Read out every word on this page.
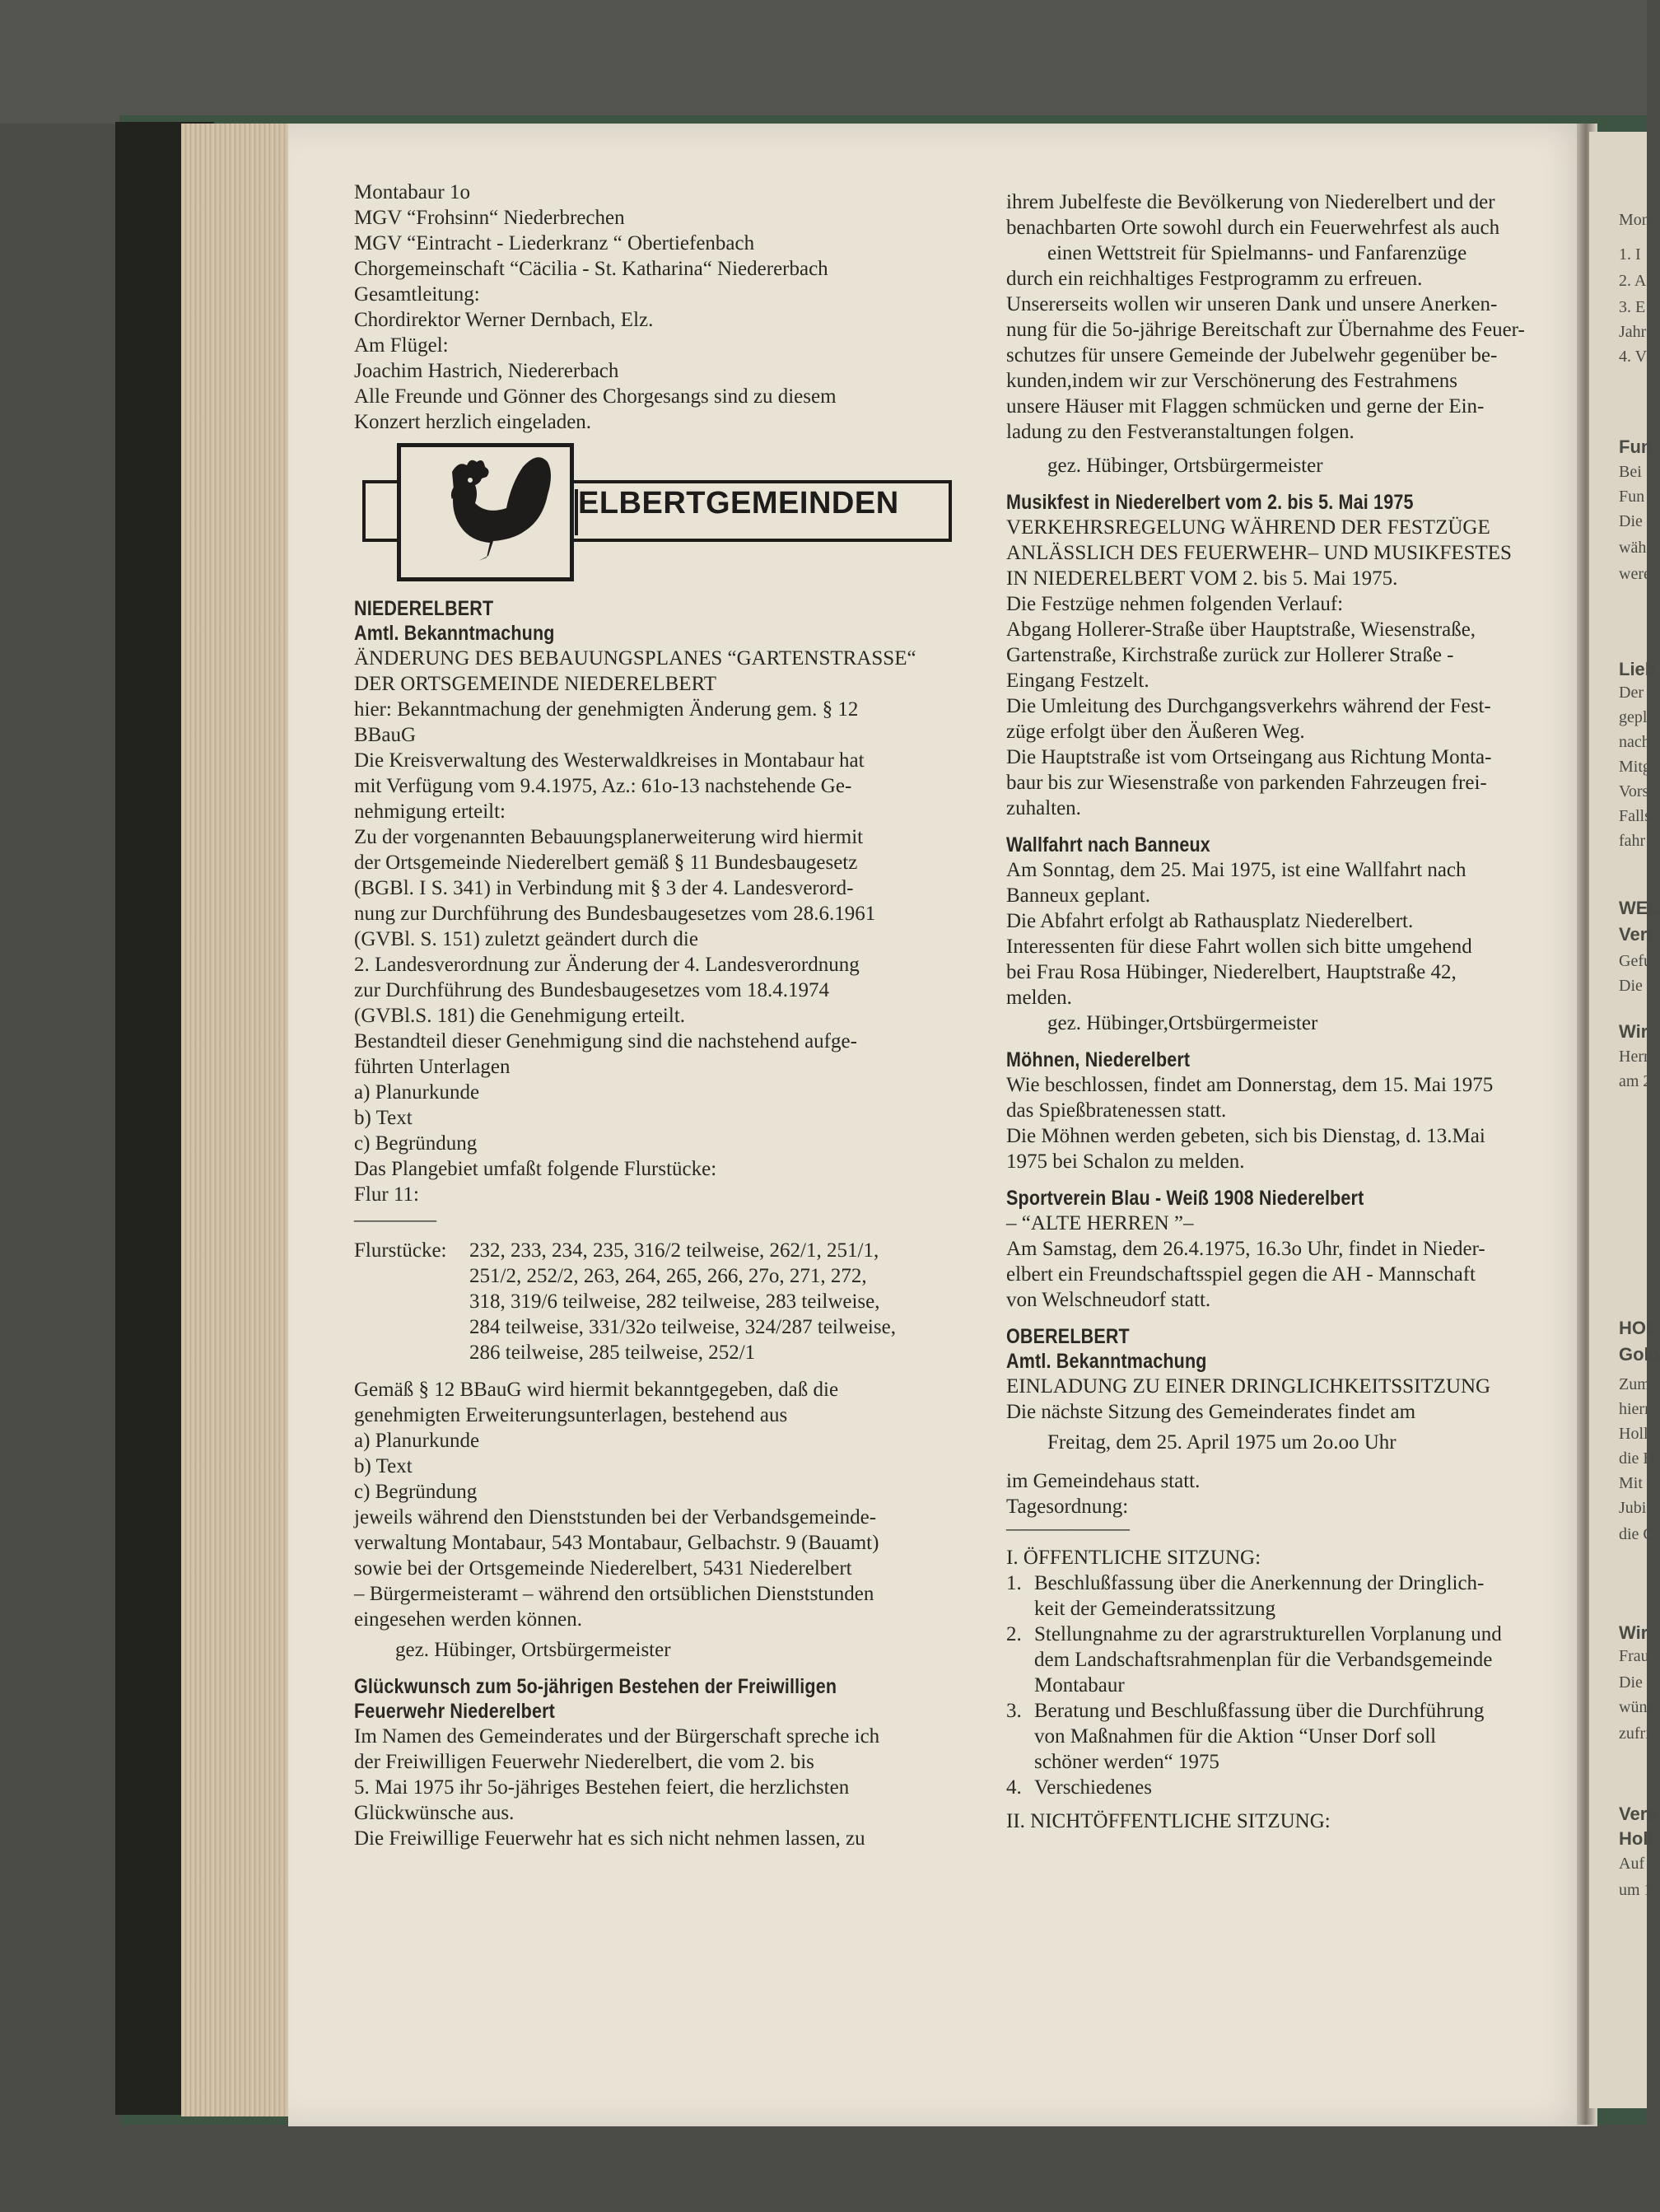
Mon
1. I
2. A
3. E
Jahr
4. V
Fun
Bei
Fun
Die
wäh
were
Lieb
Der
gepl
nach
Mitg
Vors
Falls
fahr
WEL
Verl
Gefu
Die
Wir
Herr
am 2
HOL
Gold
Zum
hiern
Holl
die H
Mit
Jubi
die C
Wir
Frau
Die
wüns
zufri
Vere
Holl
Auf
um 1
Montabaur 1o
MGV “Frohsinn“ Niederbrechen
MGV “Eintracht - Liederkranz “ Obertiefenbach
Chorgemeinschaft “Cäcilia - St. Katharina“ Niedererbach
Gesamtleitung:
Chordirektor Werner Dernbach, Elz.
Am Flügel:
Joachim Hastrich, Niedererbach
Alle Freunde und Gönner des Chorgesangs sind zu diesem
Konzert herzlich eingeladen.
ELBERTGEMEINDEN
NIEDERELBERT
Amtl. Bekanntmachung
ÄNDERUNG DES BEBAUUNGSPLANES “GARTENSTRASSE“
DER ORTSGEMEINDE NIEDERELBERT
hier: Bekanntmachung der genehmigten Änderung gem. § 12
BBauG
Die Kreisverwaltung des Westerwaldkreises in Montabaur hat
mit Verfügung vom 9.4.1975, Az.: 61o-13 nachstehende Ge-
nehmigung erteilt:
Zu der vorgenannten Bebauungsplanerweiterung wird hiermit
der Ortsgemeinde Niederelbert gemäß § 11 Bundesbaugesetz
(BGBl. I S. 341) in Verbindung mit § 3 der 4. Landesverord-
nung zur Durchführung des Bundesbaugesetzes vom 28.6.1961
(GVBl. S. 151) zuletzt geändert durch die
2. Landesverordnung zur Änderung der 4. Landesverordnung
zur Durchführung des Bundesbaugesetzes vom 18.4.1974
(GVBl.S. 181) die Genehmigung erteilt.
Bestandteil dieser Genehmigung sind die nachstehend aufge-
führten Unterlagen
a) Planurkunde
b) Text
c) Begründung
Das Plangebiet umfaßt folgende Flurstücke:
Flur 11:
————
Flurstücke:	232, 233, 234, 235, 316/2 teilweise, 262/1, 251/1,
251/2, 252/2, 263, 264, 265, 266, 27o, 271, 272,
318, 319/6 teilweise, 282 teilweise, 283 teilweise,
284 teilweise, 331/32o teilweise, 324/287 teilweise,
286 teilweise, 285 teilweise, 252/1
Gemäß § 12 BBauG wird hiermit bekanntgegeben, daß die
genehmigten Erweiterungsunterlagen, bestehend aus
a) Planurkunde
b) Text
c) Begründung
jeweils während den Dienststunden bei der Verbandsgemeinde-
verwaltung Montabaur, 543 Montabaur, Gelbachstr. 9 (Bauamt)
sowie bei der Ortsgemeinde Niederelbert, 5431 Niederelbert
– Bürgermeisteramt – während den ortsüblichen Dienststunden
eingesehen werden können.
gez. Hübinger, Ortsbürgermeister
Glückwunsch zum 5o-jährigen Bestehen der Freiwilligen
Feuerwehr Niederelbert
Im Namen des Gemeinderates und der Bürgerschaft spreche ich
der Freiwilligen Feuerwehr Niederelbert, die vom 2. bis
5. Mai 1975 ihr 5o-jähriges Bestehen feiert, die herzlichsten
Glückwünsche aus.
Die Freiwillige Feuerwehr hat es sich nicht nehmen lassen, zu
ihrem Jubelfeste die Bevölkerung von Niederelbert und der
benachbarten Orte sowohl durch ein Feuerwehrfest als auch
einen Wettstreit für Spielmanns- und Fanfarenzüge
durch ein reichhaltiges Festprogramm zu erfreuen.
Unsererseits wollen wir unseren Dank und unsere Anerken-
nung für die 5o-jährige Bereitschaft zur Übernahme des Feuer-
schutzes für unsere Gemeinde der Jubelwehr gegenüber be-
kunden,indem wir zur Verschönerung des Festrahmens
unsere Häuser mit Flaggen schmücken und gerne der Ein-
ladung zu den Festveranstaltungen folgen.
gez. Hübinger, Ortsbürgermeister
Musikfest in Niederelbert vom 2. bis 5. Mai 1975
VERKEHRSREGELUNG WÄHREND DER FESTZÜGE
ANLÄSSLICH DES FEUERWEHR– UND MUSIKFESTES
IN NIEDERELBERT VOM 2. bis 5. Mai 1975.
Die Festzüge nehmen folgenden Verlauf:
Abgang Hollerer-Straße über Hauptstraße, Wiesenstraße,
Gartenstraße, Kirchstraße zurück zur Hollerer Straße -
Eingang Festzelt.
Die Umleitung des Durchgangsverkehrs während der Fest-
züge erfolgt über den Äußeren Weg.
Die Hauptstraße ist vom Ortseingang aus Richtung Monta-
baur bis zur Wiesenstraße von parkenden Fahrzeugen frei-
zuhalten.
Wallfahrt nach Banneux
Am Sonntag, dem 25. Mai 1975, ist eine Wallfahrt nach
Banneux geplant.
Die Abfahrt erfolgt ab Rathausplatz Niederelbert.
Interessenten für diese Fahrt wollen sich bitte umgehend
bei Frau Rosa Hübinger, Niederelbert, Hauptstraße 42,
melden.
gez. Hübinger,Ortsbürgermeister
Möhnen, Niederelbert
Wie beschlossen, findet am Donnerstag, dem 15. Mai 1975
das Spießbratenessen statt.
Die Möhnen werden gebeten, sich bis Dienstag, d. 13.Mai
1975 bei Schalon zu melden.
Sportverein Blau - Weiß 1908 Niederelbert
– “ALTE HERREN ”–
Am Samstag, dem 26.4.1975, 16.3o Uhr, findet in Nieder-
elbert ein Freundschaftsspiel gegen die AH - Mannschaft
von Welschneudorf statt.
OBERELBERT
Amtl. Bekanntmachung
EINLADUNG ZU EINER DRINGLICHKEITSSITZUNG
Die nächste Sitzung des Gemeinderates findet am
Freitag, dem 25. April 1975 um 2o.oo Uhr
im Gemeindehaus statt.
Tagesordnung:
——————
I. ÖFFENTLICHE SITZUNG:
1. Beschlußfassung über die Anerkennung der Dringlich-
keit der Gemeinderatssitzung
2. Stellungnahme zu der agrarstrukturellen Vorplanung und
dem Landschaftsrahmenplan für die Verbandsgemeinde
Montabaur
3. Beratung und Beschlußfassung über die Durchführung
von Maßnahmen für die Aktion “Unser Dorf soll
schöner werden“ 1975
4. Verschiedenes
II. NICHTÖFFENTLICHE SITZUNG:
